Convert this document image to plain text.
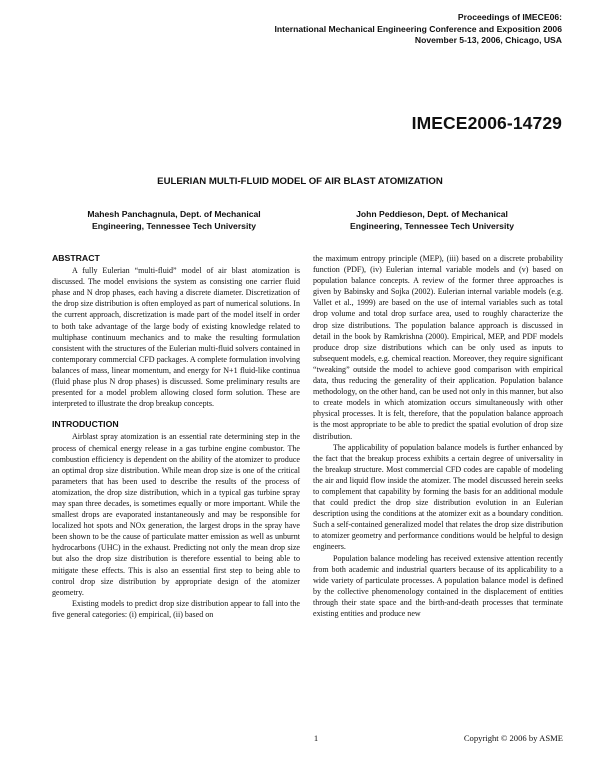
Proceedings of IMECE06:
International Mechanical Engineering Conference and Exposition 2006
November 5-13, 2006, Chicago, USA
IMECE2006-14729
EULERIAN MULTI-FLUID MODEL OF AIR BLAST ATOMIZATION
Mahesh Panchagnula, Dept. of Mechanical
Engineering, Tennessee Tech University
John Peddieson, Dept. of Mechanical
Engineering, Tennessee Tech University
ABSTRACT

A fully Eulerian “multi-fluid” model of air blast atomization is discussed. The model envisions the system as consisting one carrier fluid phase and N drop phases, each having a discrete diameter. Discretization of the drop size distribution is often employed as part of numerical solutions. In the current approach, discretization is made part of the model itself in order to both take advantage of the large body of existing knowledge related to multiphase continuum mechanics and to make the resulting formulation consistent with the structures of the Eulerian multi-fluid solvers contained in contemporary commercial CFD packages. A complete formulation involving balances of mass, linear momentum, and energy for N+1 fluid-like continua (fluid phase plus N drop phases) is discussed. Some preliminary results are presented for a model problem allowing closed form solution. These are interpreted to illustrate the drop breakup concepts.

INTRODUCTION

Airblast spray atomization is an essential rate determining step in the process of chemical energy release in a gas turbine engine combustor. The combustion efficiency is dependent on the ability of the atomizer to produce an optimal drop size distribution. While mean drop size is one of the critical parameters that has been used to describe the results of the process of atomization, the drop size distribution, which in a typical gas turbine spray may span three decades, is sometimes equally or more important. While the smallest drops are evaporated instantaneously and may be responsible for localized hot spots and NOx generation, the largest drops in the spray have been shown to be the cause of particulate matter emission as well as unburnt hydrocarbons (UHC) in the exhaust. Predicting not only the mean drop size but also the drop size distribution is therefore essential to being able to mitigate these effects. This is also an essential first step to being able to control drop size distribution by appropriate design of the atomizer geometry.

Existing models to predict drop size distribution appear to fall into the five general categories: (i) empirical, (ii) based on

the maximum entropy principle (MEP), (iii) based on a discrete probability function (PDF), (iv) Eulerian internal variable models and (v) based on population balance concepts. A review of the former three approaches is given by Babinsky and Sojka (2002). Eulerian internal variable models (e.g. Vallet et al., 1999) are based on the use of internal variables such as total drop volume and total drop surface area, used to roughly characterize the drop size distributions. The population balance approach is discussed in detail in the book by Ramkrishna (2000). Empirical, MEP, and PDF models produce drop size distributions which can be only used as inputs to subsequent models, e.g. chemical reaction. Moreover, they require significant “tweaking” outside the model to achieve good comparison with empirical data, thus reducing the generality of their application. Population balance methodology, on the other hand, can be used not only in this manner, but also to create models in which atomization occurs simultaneously with other physical processes. It is felt, therefore, that the population balance approach is the most appropriate to be able to predict the spatial evolution of drop size distribution.

The applicability of population balance models is further enhanced by the fact that the breakup process exhibits a certain degree of universality in the breakup structure. Most commercial CFD codes are capable of modeling the air and liquid flow inside the atomizer. The model discussed herein seeks to complement that capability by forming the basis for an additional module that could predict the drop size distribution evolution in an Eulerian description using the conditions at the atomizer exit as a boundary condition. Such a self-contained generalized model that relates the drop size distribution to atomizer geometry and performance conditions would be helpful to design engineers.

Population balance modeling has received extensive attention recently from both academic and industrial quarters because of its applicability to a wide variety of particulate processes. A population balance model is defined by the collective phenomenology contained in the displacement of entities through their state space and the birth-and-death processes that terminate existing entities and produce new

1	Copyright © 2006 by ASME
